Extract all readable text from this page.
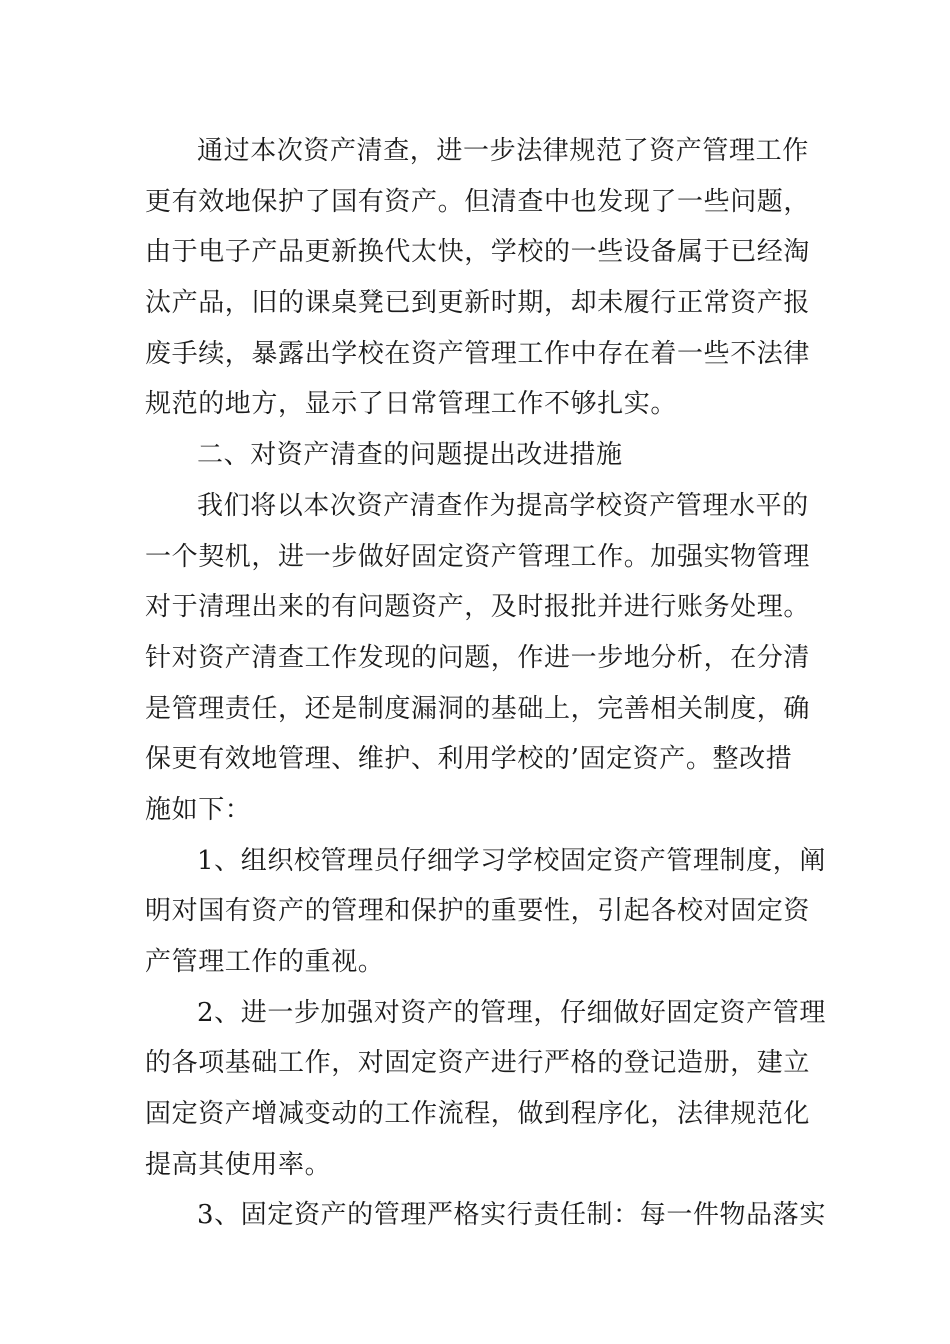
通过本次资产清查，进一步法律规范了资产管理工作
更有效地保护了国有资产。但清查中也发现了一些问题，
由于电子产品更新换代太快，学校的一些设备属于已经淘
汰产品，旧的课桌凳已到更新时期，却未履行正常资产报
废手续，暴露出学校在资产管理工作中存在着一些不法律
规范的地方，显示了日常管理工作不够扎实。
二、对资产清查的问题提出改进措施
我们将以本次资产清查作为提高学校资产管理水平的
一个契机，进一步做好固定资产管理工作。加强实物管理
对于清理出来的有问题资产，及时报批并进行账务处理。
针对资产清查工作发现的问题，作进一步地分析，在分清
是管理责任，还是制度漏洞的基础上，完善相关制度，确
保更有效地管理、维护、利用学校的’固定资产。整改措
施如下：
1、组织校管理员仔细学习学校固定资产管理制度，阐
明对国有资产的管理和保护的重要性，引起各校对固定资
产管理工作的重视。
2、进一步加强对资产的管理，仔细做好固定资产管理
的各项基础工作，对固定资产进行严格的登记造册，建立
固定资产增减变动的工作流程，做到程序化，法律规范化
提高其使用率。
3、固定资产的管理严格实行责任制：每一件物品落实
